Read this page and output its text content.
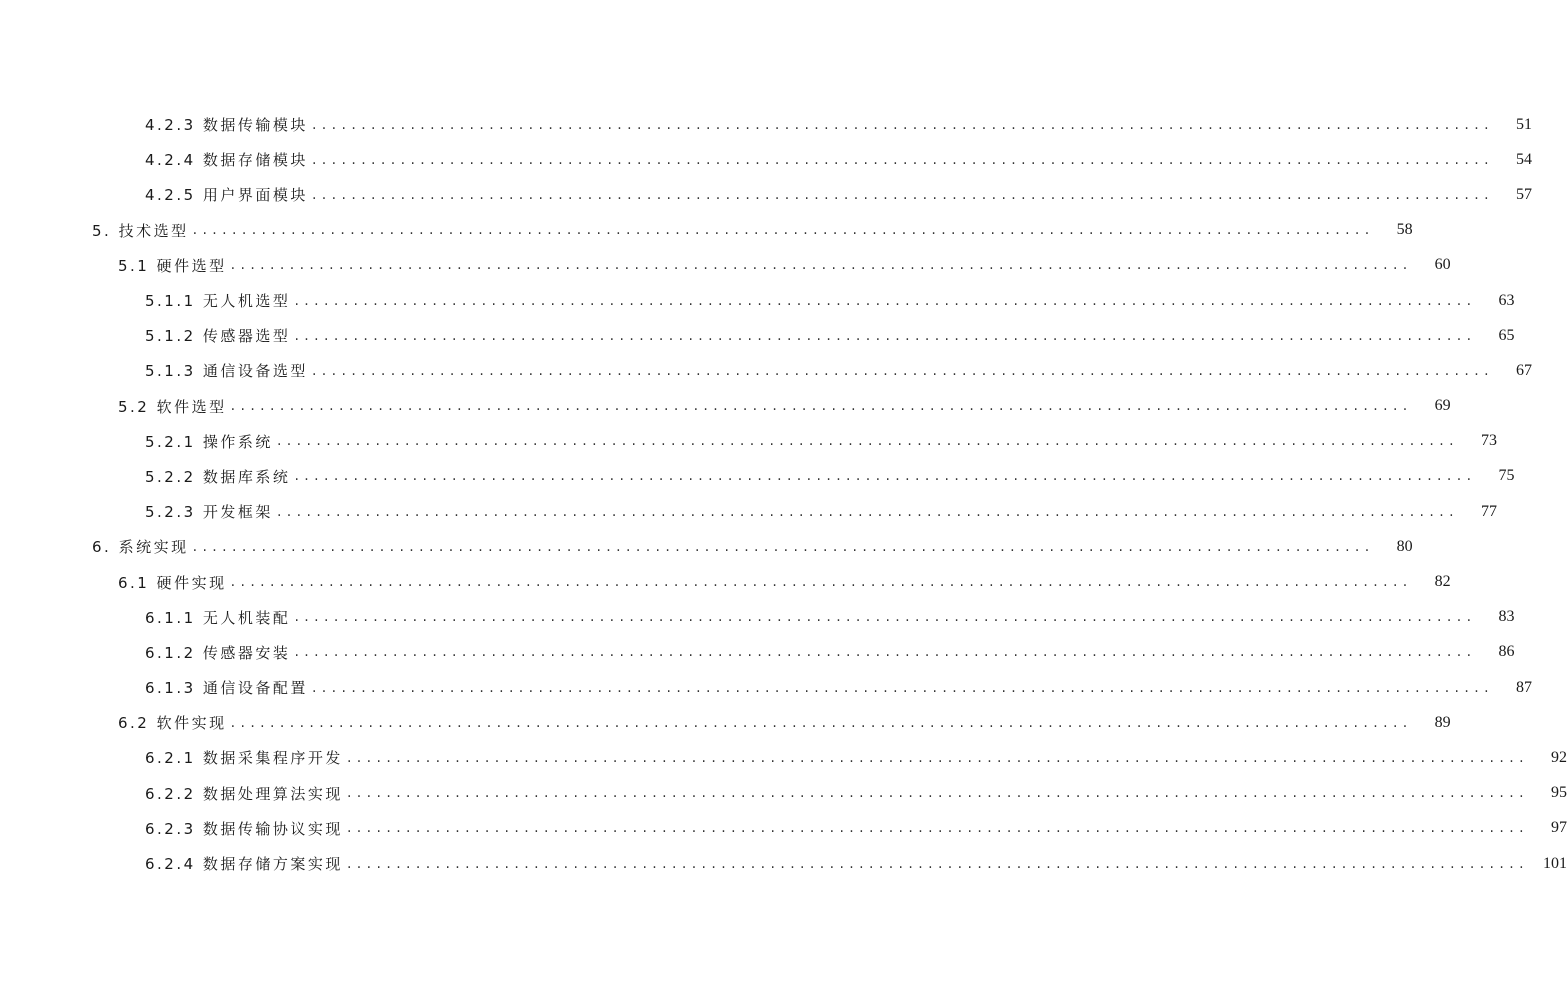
4.2.3 数据传输模块 ........................................................................................................................	51
4.2.4 数据存储模块 ........................................................................................................................	54
4.2.5 用户界面模块 ........................................................................................................................	57
5. 技术选型 ........................................................................................................................	58
5.1 硬件选型 ........................................................................................................................	60
5.1.1 无人机选型 ........................................................................................................................	63
5.1.2 传感器选型 ........................................................................................................................	65
5.1.3 通信设备选型 ........................................................................................................................	67
5.2 软件选型 ........................................................................................................................	69
5.2.1 操作系统 ........................................................................................................................	73
5.2.2 数据库系统 ........................................................................................................................	75
5.2.3 开发框架 ........................................................................................................................	77
6. 系统实现 ........................................................................................................................	80
6.1 硬件实现 ........................................................................................................................	82
6.1.1 无人机装配 ........................................................................................................................	83
6.1.2 传感器安装 ........................................................................................................................	86
6.1.3 通信设备配置 ........................................................................................................................	87
6.2 软件实现 ........................................................................................................................	89
6.2.1 数据采集程序开发 ........................................................................................................................	92
6.2.2 数据处理算法实现 ........................................................................................................................	95
6.2.3 数据传输协议实现 ........................................................................................................................	97
6.2.4 数据存储方案实现 ........................................................................................................................ 101
